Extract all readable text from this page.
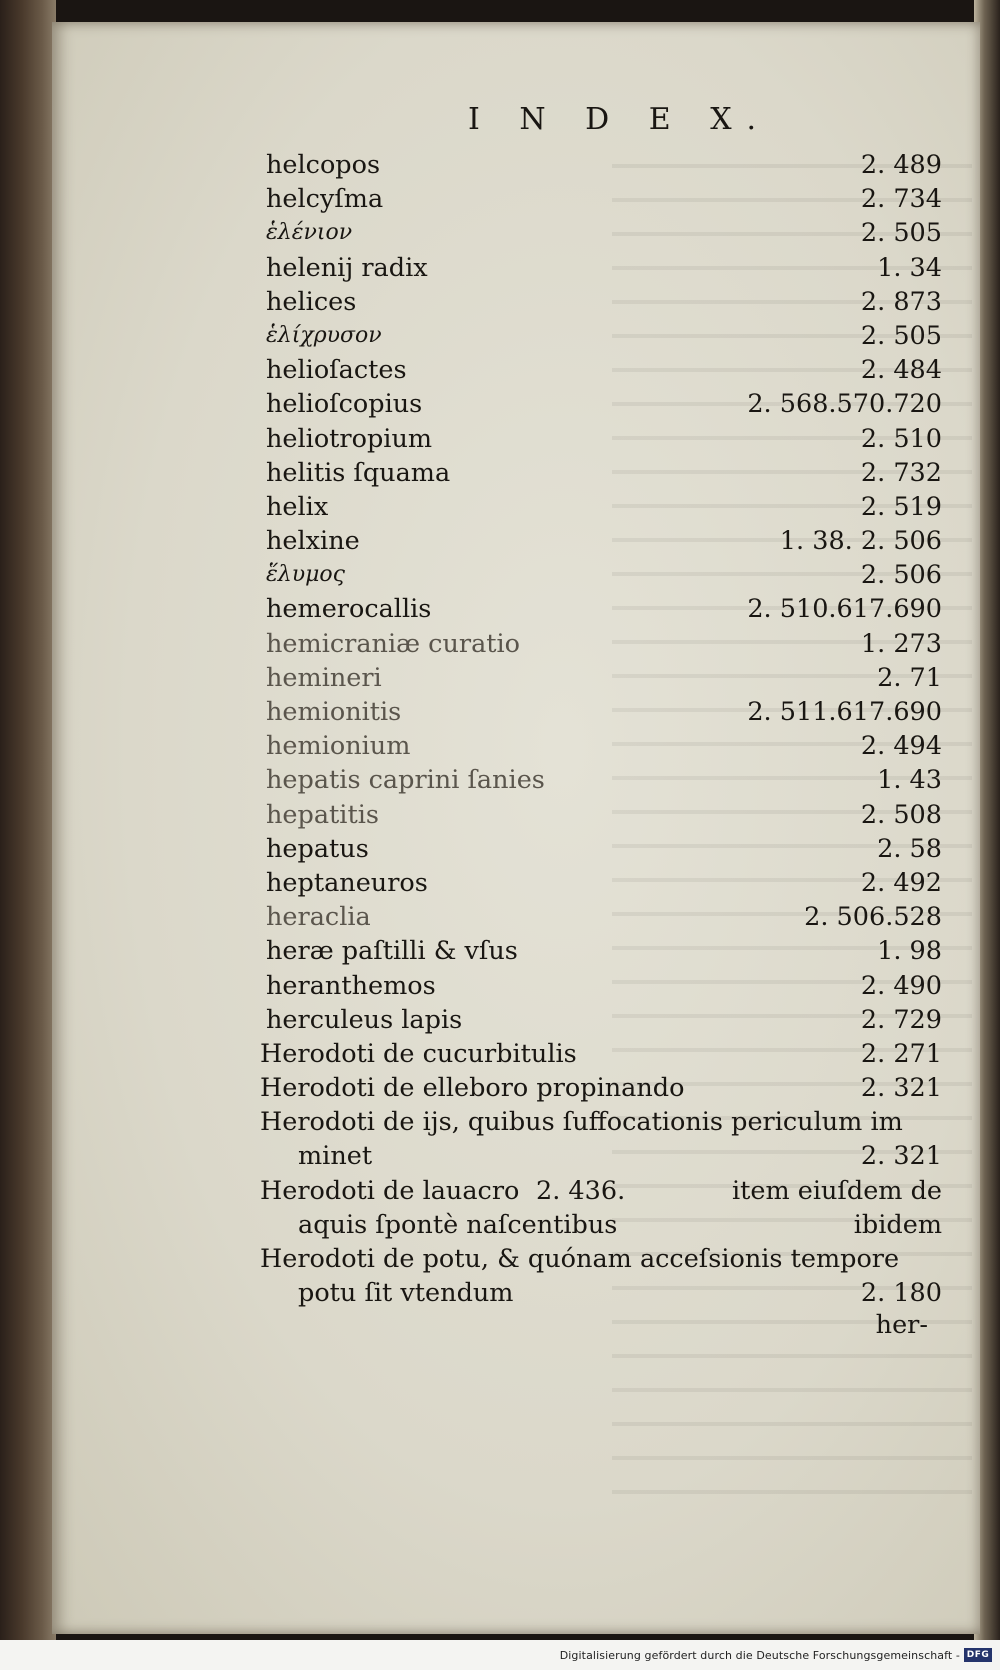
I N D E X.
helcopos	2. 489
helcyſma	2. 734
ἑλένιον	2. 505
helenij radix	1. 34
helices	2. 873
ἑλίχρυσον	2. 505
helioſactes	2. 484
helioſcopius	2. 568.570.720
heliotropium	2. 510
helitis ſquama	2. 732
helix	2. 519
helxine	1. 38. 2. 506
ἕλυμος	2. 506
hemerocallis	2. 510.617.690
hemicraniæ curatio	1. 273
hemineri	2. 71
hemionitis	2. 511.617.690
hemionium	2. 494
hepatis caprini ſanies	1. 43
hepatitis	2. 508
hepatus	2. 58
heptaneuros	2. 492
heraclia	2. 506.528
heræ paſtilli & vſus	1. 98
heranthemos	2. 490
herculeus lapis	2. 729
Herodoti de cucurbitulis	2. 271
Herodoti de elleboro propinando	2. 321
Herodoti de ijs, quibus ſuffocationis periculum im
minet	2. 321
Herodoti de lauacro 2. 436.	item eiuſdem de
aquis ſpontè naſcentibus	ibidem
Herodoti de potu, & quónam acceſsionis tempore
potu ſit vtendum	2. 180
her-
Digitalisierung gefördert durch die Deutsche Forschungsgemeinschaft - DFG
